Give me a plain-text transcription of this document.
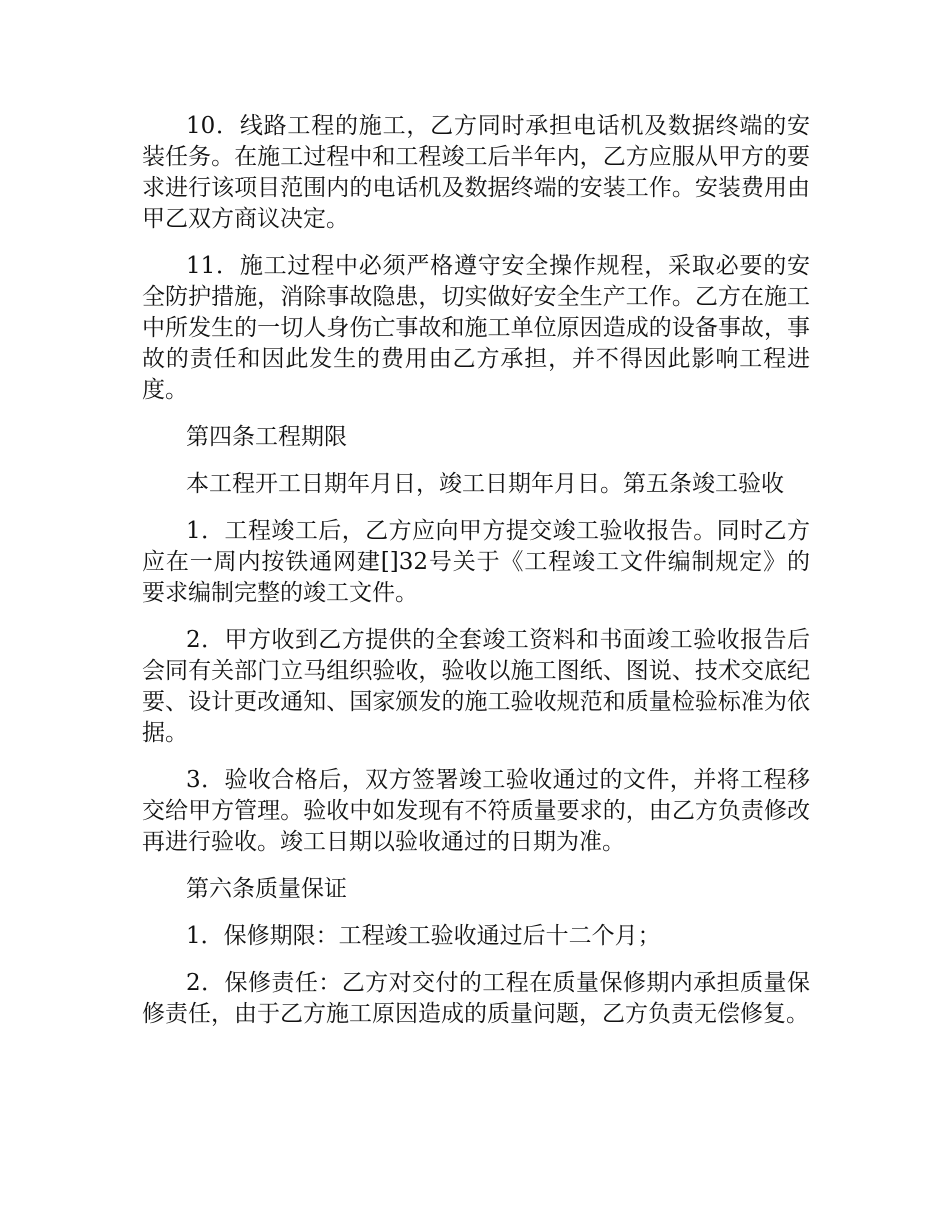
10．线路工程的施工，乙方同时承担电话机及数据终端的安装任务。在施工过程中和工程竣工后半年内，乙方应服从甲方的要求进行该项目范围内的电话机及数据终端的安装工作。安装费用由甲乙双方商议决定。

11．施工过程中必须严格遵守安全操作规程，采取必要的安全防护措施，消除事故隐患，切实做好安全生产工作。乙方在施工中所发生的一切人身伤亡事故和施工单位原因造成的设备事故，事故的责任和因此发生的费用由乙方承担，并不得因此影响工程进度。

第四条工程期限

本工程开工日期年月日，竣工日期年月日。第五条竣工验收

1．工程竣工后，乙方应向甲方提交竣工验收报告。同时乙方应在一周内按铁通网建[]32号关于《工程竣工文件编制规定》的要求编制完整的竣工文件。

2．甲方收到乙方提供的全套竣工资料和书面竣工验收报告后会同有关部门立马组织验收，验收以施工图纸、图说、技术交底纪要、设计更改通知、国家颁发的施工验收规范和质量检验标准为依据。

3．验收合格后，双方签署竣工验收通过的文件，并将工程移交给甲方管理。验收中如发现有不符质量要求的，由乙方负责修改再进行验收。竣工日期以验收通过的日期为准。

第六条质量保证

1．保修期限：工程竣工验收通过后十二个月；

2．保修责任：乙方对交付的工程在质量保修期内承担质量保修责任，由于乙方施工原因造成的质量问题，乙方负责无偿修复。
